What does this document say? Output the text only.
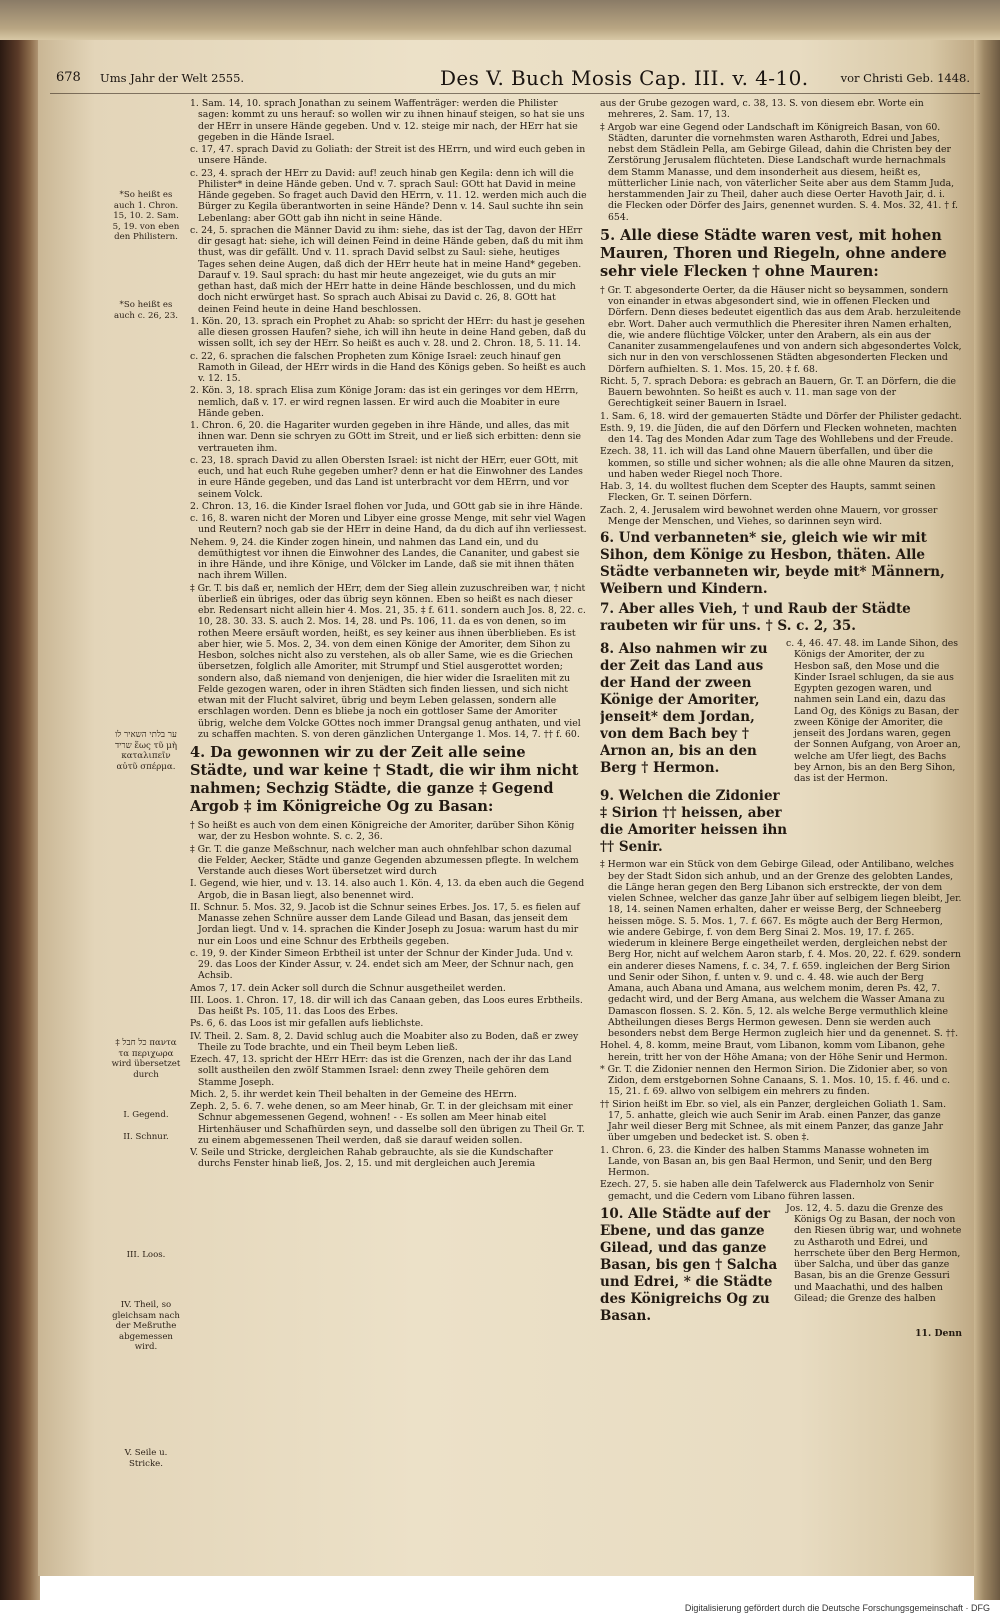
678 Ums Jahr der Welt 2555.	Des V. Buch Mosis Cap. III. v. 4-10.	vor Christi Geb. 1448.
*So heißt es auch 1. Chron. 15, 10. 2. Sam. 5, 19. von eben den Philistern.
*So heißt es auch c. 26, 23.
ער בלתי השאיר לו שריד ἕως τῦ μὴ καταλιπεῖν αὐτῦ σπέρμα.
‡ כל חבל παντα τα περιχωρα wird übersetzet durch
I. Gegend.
II. Schnur.
III. Loos.
IV. Theil, so gleichsam nach der Meßruthe abgemessen wird.
V. Seile u. Stricke.

1. Sam. 14, 10. sprach Jonathan zu seinem Waffenträger: werden die Philister sagen: kommt zu uns herauf: so wollen wir zu ihnen hinauf steigen, so hat sie uns der HErr in unsere Hände gegeben. Und v. 12. steige mir nach, der HErr hat sie gegeben in die Hände Israel.

c. 17, 47. sprach David zu Goliath: der Streit ist des HErrn, und wird euch geben in unsere Hände.

c. 23, 4. sprach der HErr zu David: auf! zeuch hinab gen Kegila: denn ich will die Philister* in deine Hände geben. Und v. 7. sprach Saul: GOtt hat David in meine Hände gegeben. So fraget auch David den HErrn, v. 11. 12. werden mich auch die Bürger zu Kegila überantworten in seine Hände? Denn v. 14. Saul suchte ihn sein Lebenlang: aber GOtt gab ihn nicht in seine Hände.

c. 24, 5. sprachen die Männer David zu ihm: siehe, das ist der Tag, davon der HErr dir gesagt hat: siehe, ich will deinen Feind in deine Hände geben, daß du mit ihm thust, was dir gefällt. Und v. 11. sprach David selbst zu Saul: siehe, heutiges Tages sehen deine Augen, daß dich der HErr heute hat in meine Hand* gegeben. Darauf v. 19. Saul sprach: du hast mir heute angezeiget, wie du guts an mir gethan hast, daß mich der HErr hatte in deine Hände beschlossen, und du mich doch nicht erwürget hast. So sprach auch Abisai zu David c. 26, 8. GOtt hat deinen Feind heute in deine Hand beschlossen.

1. Kön. 20, 13. sprach ein Prophet zu Ahab: so spricht der HErr: du hast je gesehen alle diesen grossen Haufen? siehe, ich will ihn heute in deine Hand geben, daß du wissen sollt, ich sey der HErr. So heißt es auch v. 28. und 2. Chron. 18, 5. 11. 14.

c. 22, 6. sprachen die falschen Propheten zum Könige Israel: zeuch hinauf gen Ramoth in Gilead, der HErr wirds in die Hand des Königs geben. So heißt es auch v. 12. 15.

2. Kön. 3, 18. sprach Elisa zum Könige Joram: das ist ein geringes vor dem HErrn, nemlich, daß v. 17. er wird regnen lassen. Er wird auch die Moabiter in eure Hände geben.

1. Chron. 6, 20. die Hagariter wurden gegeben in ihre Hände, und alles, das mit ihnen war. Denn sie schryen zu GOtt im Streit, und er ließ sich erbitten: denn sie vertraueten ihm.

c. 23, 18. sprach David zu allen Obersten Israel: ist nicht der HErr, euer GOtt, mit euch, und hat euch Ruhe gegeben umher? denn er hat die Einwohner des Landes in eure Hände gegeben, und das Land ist unterbracht vor dem HErrn, und vor seinem Volck.

2. Chron. 13, 16. die Kinder Israel flohen vor Juda, und GOtt gab sie in ihre Hände.

c. 16, 8. waren nicht der Moren und Libyer eine grosse Menge, mit sehr viel Wagen und Reutern? noch gab sie der HErr in deine Hand, da du dich auf ihn verliessest.

Nehem. 9, 24. die Kinder zogen hinein, und nahmen das Land ein, und du demüthigtest vor ihnen die Einwohner des Landes, die Cananiter, und gabest sie in ihre Hände, und ihre Könige, und Völcker im Lande, daß sie mit ihnen thäten nach ihrem Willen.

‡ Gr. T. bis daß er, nemlich der HErr, dem der Sieg allein zuzuschreiben war, † nicht überließ ein übriges, oder das übrig seyn können. Eben so heißt es nach dieser ebr. Redensart nicht allein hier 4. Mos. 21, 35. ‡ f. 611. sondern auch Jos. 8, 22. c. 10, 28. 30. 33. S. auch 2. Mos. 14, 28. und Ps. 106, 11. da es von denen, so im rothen Meere ersäuft worden, heißt, es sey keiner aus ihnen überblieben. Es ist aber hier, wie 5. Mos. 2, 34. von dem einen Könige der Amoriter, dem Sihon zu Hesbon, solches nicht also zu verstehen, als ob aller Same, wie es die Griechen übersetzen, folglich alle Amoriter, mit Strumpf und Stiel ausgerottet worden; sondern also, daß niemand von denjenigen, die hier wider die Israeliten mit zu Felde gezogen waren, oder in ihren Städten sich finden liessen, und sich nicht etwan mit der Flucht salviret, übrig und beym Leben gelassen, sondern alle erschlagen worden. Denn es bliebe ja noch ein gottloser Same der Amoriter übrig, welche dem Volcke GOttes noch immer Drangsal genug anthaten, und viel zu schaffen machten. S. von deren gänzlichen Untergange 1. Mos. 14, 7. †† f. 60.

4. Da gewonnen wir zu der Zeit alle seine Städte, und war keine † Stadt, die wir ihm nicht nahmen; Sechzig Städte, die ganze ‡ Gegend Argob ‡ im Königreiche Og zu Basan:

† So heißt es auch von dem einen Königreiche der Amoriter, darüber Sihon König war, der zu Hesbon wohnte. S. c. 2, 36.

‡ Gr. T. die ganze Meßschnur, nach welcher man auch ohnfehlbar schon dazumal die Felder, Aecker, Städte und ganze Gegenden abzumessen pflegte. In welchem Verstande auch dieses Wort übersetzet wird durch

I. Gegend, wie hier, und v. 13. 14. also auch 1. Kön. 4, 13. da eben auch die Gegend Argob, die in Basan liegt, also benennet wird.

II. Schnur. 5. Mos. 32, 9. Jacob ist die Schnur seines Erbes. Jos. 17, 5. es fielen auf Manasse zehen Schnüre ausser dem Lande Gilead und Basan, das jenseit dem Jordan liegt. Und v. 14. sprachen die Kinder Joseph zu Josua: warum hast du mir nur ein Loos und eine Schnur des Erbtheils gegeben.

c. 19, 9. der Kinder Simeon Erbtheil ist unter der Schnur der Kinder Juda. Und v. 29. das Loos der Kinder Assur, v. 24. endet sich am Meer, der Schnur nach, gen Achsib.

Amos 7, 17. dein Acker soll durch die Schnur ausgetheilet werden.

III. Loos. 1. Chron. 17, 18. dir will ich das Canaan geben, das Loos eures Erbtheils. Das heißt Ps. 105, 11. das Loos des Erbes.

Ps. 6, 6. das Loos ist mir gefallen aufs lieblichste.

IV. Theil. 2. Sam. 8, 2. David schlug auch die Moabiter also zu Boden, daß er zwey Theile zu Tode brachte, und ein Theil beym Leben ließ.

Ezech. 47, 13. spricht der HErr HErr: das ist die Grenzen, nach der ihr das Land sollt austheilen den zwölf Stammen Israel: denn zwey Theile gehören dem Stamme Joseph.

Mich. 2, 5. ihr werdet kein Theil behalten in der Gemeine des HErrn.

Zeph. 2, 5. 6. 7. wehe denen, so am Meer hinab, Gr. T. in der gleichsam mit einer Schnur abgemessenen Gegend, wohnen! - - Es sollen am Meer hinab eitel Hirtenhäuser und Schafhürden seyn, und dasselbe soll den übrigen zu Theil Gr. T. zu einem abgemessenen Theil werden, daß sie darauf weiden sollen.

V. Seile und Stricke, dergleichen Rahab gebrauchte, als sie die Kundschafter durchs Fenster hinab ließ, Jos. 2, 15. und mit dergleichen auch Jeremia

aus der Grube gezogen ward, c. 38, 13. S. von diesem ebr. Worte ein mehreres, 2. Sam. 17, 13.

‡ Argob war eine Gegend oder Landschaft im Königreich Basan, von 60. Städten, darunter die vornehmsten waren Astharoth, Edrei und Jabes, nebst dem Städlein Pella, am Gebirge Gilead, dahin die Christen bey der Zerstörung Jerusalem flüchteten. Diese Landschaft wurde hernachmals dem Stamm Manasse, und dem insonderheit aus diesem, heißt es, mütterlicher Linie nach, von väterlicher Seite aber aus dem Stamm Juda, herstammenden Jair zu Theil, daher auch diese Oerter Havoth Jair, d. i. die Flecken oder Dörfer des Jairs, genennet wurden. S. 4. Mos. 32, 41. † f. 654.

5. Alle diese Städte waren vest, mit hohen Mauren, Thoren und Riegeln, ohne andere sehr viele Flecken † ohne Mauren:

† Gr. T. abgesonderte Oerter, da die Häuser nicht so beysammen, sondern von einander in etwas abgesondert sind, wie in offenen Flecken und Dörfern. Denn dieses bedeutet eigentlich das aus dem Arab. herzuleitende ebr. Wort. Daher auch vermuthlich die Pheresiter ihren Namen erhalten, die, wie andere flüchtige Völcker, unter den Arabern, als ein aus der Cananiter zusammengelaufenes und von andern sich abgesondertes Volck, sich nur in den von verschlossenen Städten abgesonderten Flecken und Dörfern aufhielten. S. 1. Mos. 15, 20. ‡ f. 68.

Richt. 5, 7. sprach Debora: es gebrach an Bauern, Gr. T. an Dörfern, die die Bauern bewohnten. So heißt es auch v. 11. man sage von der Gerechtigkeit seiner Bauern in Israel.

1. Sam. 6, 18. wird der gemauerten Städte und Dörfer der Philister gedacht.

Esth. 9, 19. die Jüden, die auf den Dörfern und Flecken wohneten, machten den 14. Tag des Monden Adar zum Tage des Wohllebens und der Freude.

Ezech. 38, 11. ich will das Land ohne Mauern überfallen, und über die kommen, so stille und sicher wohnen; als die alle ohne Mauren da sitzen, und haben weder Riegel noch Thore.

Hab. 3, 14. du wolltest fluchen dem Scepter des Haupts, sammt seinen Flecken, Gr. T. seinen Dörfern.

Zach. 2, 4. Jerusalem wird bewohnet werden ohne Mauern, vor grosser Menge der Menschen, und Viehes, so darinnen seyn wird.

6. Und verbanneten* sie, gleich wie wir mit Sihon, dem Könige zu Hesbon, thäten. Alle Städte verbanneten wir, beyde mit* Männern, Weibern und Kindern.

7. Aber alles Vieh, † und Raub der Städte raubeten wir für uns. † S. c. 2, 35.

8. Also nahmen wir zu der Zeit das Land aus der Hand der zween Könige der Amoriter, jenseit* dem Jordan, von dem Bach bey † Arnon an, bis an den Berg † Hermon.

c. 4, 46. 47. 48. im Lande Sihon, des Königs der Amoriter, der zu Hesbon saß, den Mose und die Kinder Israel schlugen, da sie aus Egypten gezogen waren, und nahmen sein Land ein, dazu das Land Og, des Königs zu Basan, der zween Könige der Amoriter, die jenseit des Jordans waren, gegen der Sonnen Aufgang, von Aroer an, welche am Ufer liegt, des Bachs bey Arnon, bis an den Berg Sihon, das ist der Hermon.

9. Welchen die Zidonier ‡ Sirion †† heissen, aber die Amoriter heissen ihn †† Senir.

‡ Hermon war ein Stück von dem Gebirge Gilead, oder Antilibano, welches bey der Stadt Sidon sich anhub, und an der Grenze des gelobten Landes, die Länge heran gegen den Berg Libanon sich erstreckte, der von dem vielen Schnee, welcher das ganze Jahr über auf selbigem liegen bleibt, Jer. 18, 14. seinen Namen erhalten, daher er weisse Berg, der Schneeberg heissen möge. S. 5. Mos. 1, 7. f. 667. Es mögte auch der Berg Hermon, wie andere Gebirge, f. von dem Berg Sinai 2. Mos. 19, 17. f. 265. wiederum in kleinere Berge eingetheilet werden, dergleichen nebst der Berg Hor, nicht auf welchem Aaron starb, f. 4. Mos. 20, 22. f. 629. sondern ein anderer dieses Namens, f. c. 34, 7. f. 659. ingleichen der Berg Sirion und Senir oder Sihon, f. unten v. 9. und c. 4. 48. wie auch der Berg Amana, auch Abana und Amana, aus welchem monim, deren Ps. 42, 7. gedacht wird, und der Berg Amana, aus welchem die Wasser Amana zu Damascon flossen. S. 2. Kön. 5, 12. als welche Berge vermuthlich kleine Abtheilungen dieses Bergs Hermon gewesen. Denn sie werden auch besonders nebst dem Berge Hermon zugleich hier und da genennet. S. ††.

Hohel. 4, 8. komm, meine Braut, vom Libanon, komm vom Libanon, gehe herein, tritt her von der Höhe Amana; von der Höhe Senir und Hermon.

* Gr. T. die Zidonier nennen den Hermon Sirion. Die Zidonier aber, so von Zidon, dem erstgebornen Sohne Canaans, S. 1. Mos. 10, 15. f. 46. und c. 15, 21. f. 69. allwo von selbigem ein mehrers zu finden.

†† Sirion heißt im Ebr. so viel, als ein Panzer, dergleichen Goliath 1. Sam. 17, 5. anhatte, gleich wie auch Senir im Arab. einen Panzer, das ganze Jahr weil dieser Berg mit Schnee, als mit einem Panzer, das ganze Jahr über umgeben und bedecket ist. S. oben ‡.

1. Chron. 6, 23. die Kinder des halben Stamms Manasse wohneten im Lande, von Basan an, bis gen Baal Hermon, und Senir, und den Berg Hermon.

Ezech. 27, 5. sie haben alle dein Tafelwerck aus Fladernholz von Senir gemacht, und die Cedern vom Libano führen lassen.

10. Alle Städte auf der Ebene, und das ganze Gilead, und das ganze Basan, bis gen † Salcha und Edrei, * die Städte des Königreichs Og zu Basan.

Jos. 12, 4. 5. dazu die Grenze des Königs Og zu Basan, der noch von den Riesen übrig war, und wohnete zu Astharoth und Edrei, und herrschete über den Berg Hermon, über Salcha, und über das ganze Basan, bis an die Grenze Gessuri und Maachathi, und des halben Gilead; die Grenze des halben

11. Denn

Digitalisierung gefördert durch die Deutsche Forschungsgemeinschaft · DFG
